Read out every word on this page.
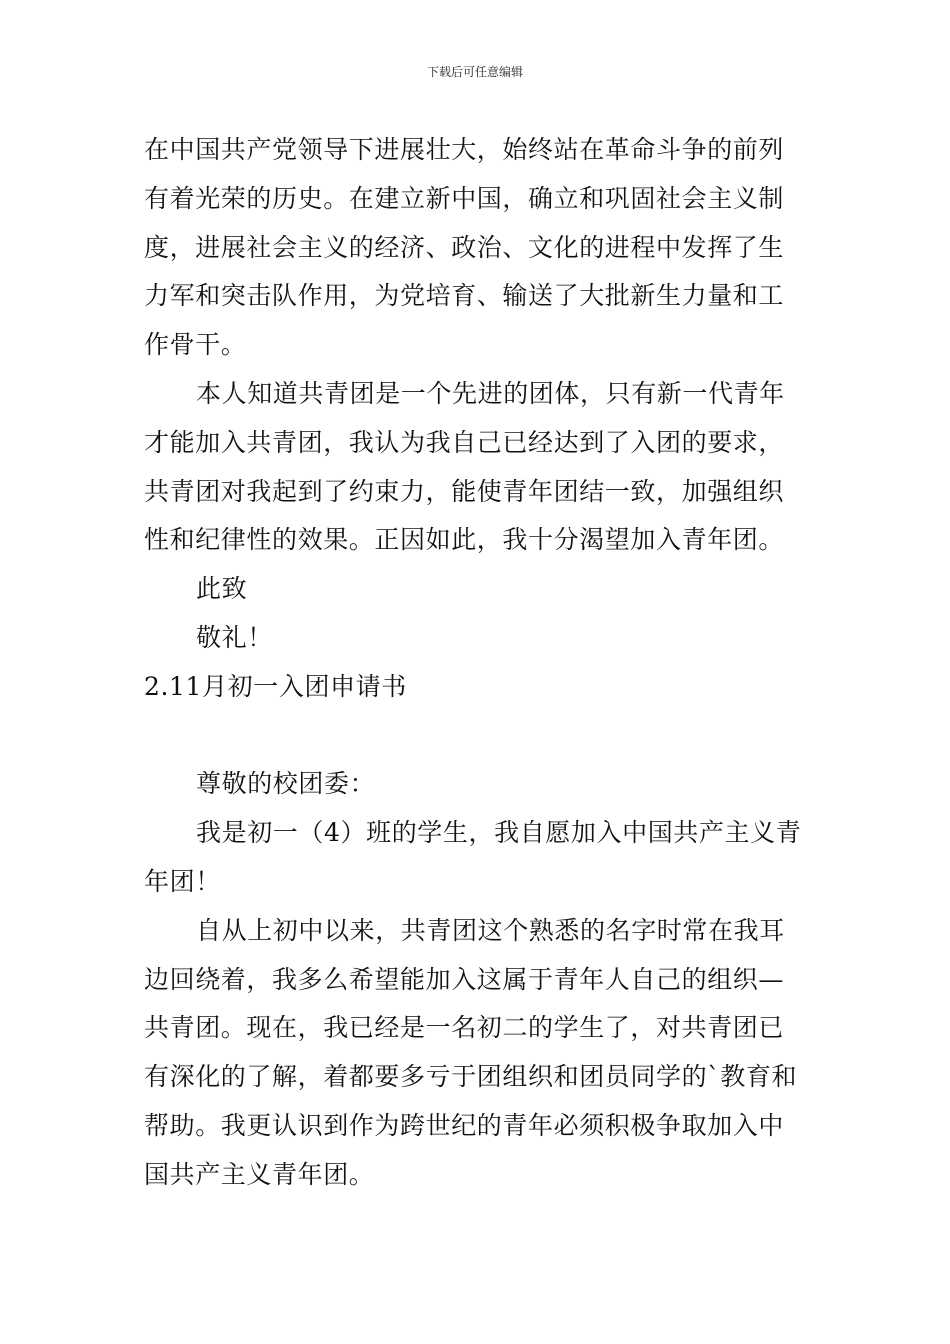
下载后可任意编辑
在中国共产党领导下进展壮大，始终站在革命斗争的前列
有着光荣的历史。在建立新中国，确立和巩固社会主义制
度，进展社会主义的经济、政治、文化的进程中发挥了生
力军和突击队作用，为党培育、输送了大批新生力量和工
作骨干。
本人知道共青团是一个先进的团体，只有新一代青年
才能加入共青团，我认为我自己已经达到了入团的要求，
共青团对我起到了约束力，能使青年团结一致，加强组织
性和纪律性的效果。正因如此，我十分渴望加入青年团。
此致
敬礼！
2.11月初一入团申请书
尊敬的校团委：
我是初一（4）班的学生，我自愿加入中国共产主义青
年团！
自从上初中以来，共青团这个熟悉的名字时常在我耳
边回绕着，我多么希望能加入这属于青年人自己的组织—
共青团。现在，我已经是一名初二的学生了，对共青团已
有深化的了解，着都要多亏于团组织和团员同学的`教育和
帮助。我更认识到作为跨世纪的青年必须积极争取加入中
国共产主义青年团。
